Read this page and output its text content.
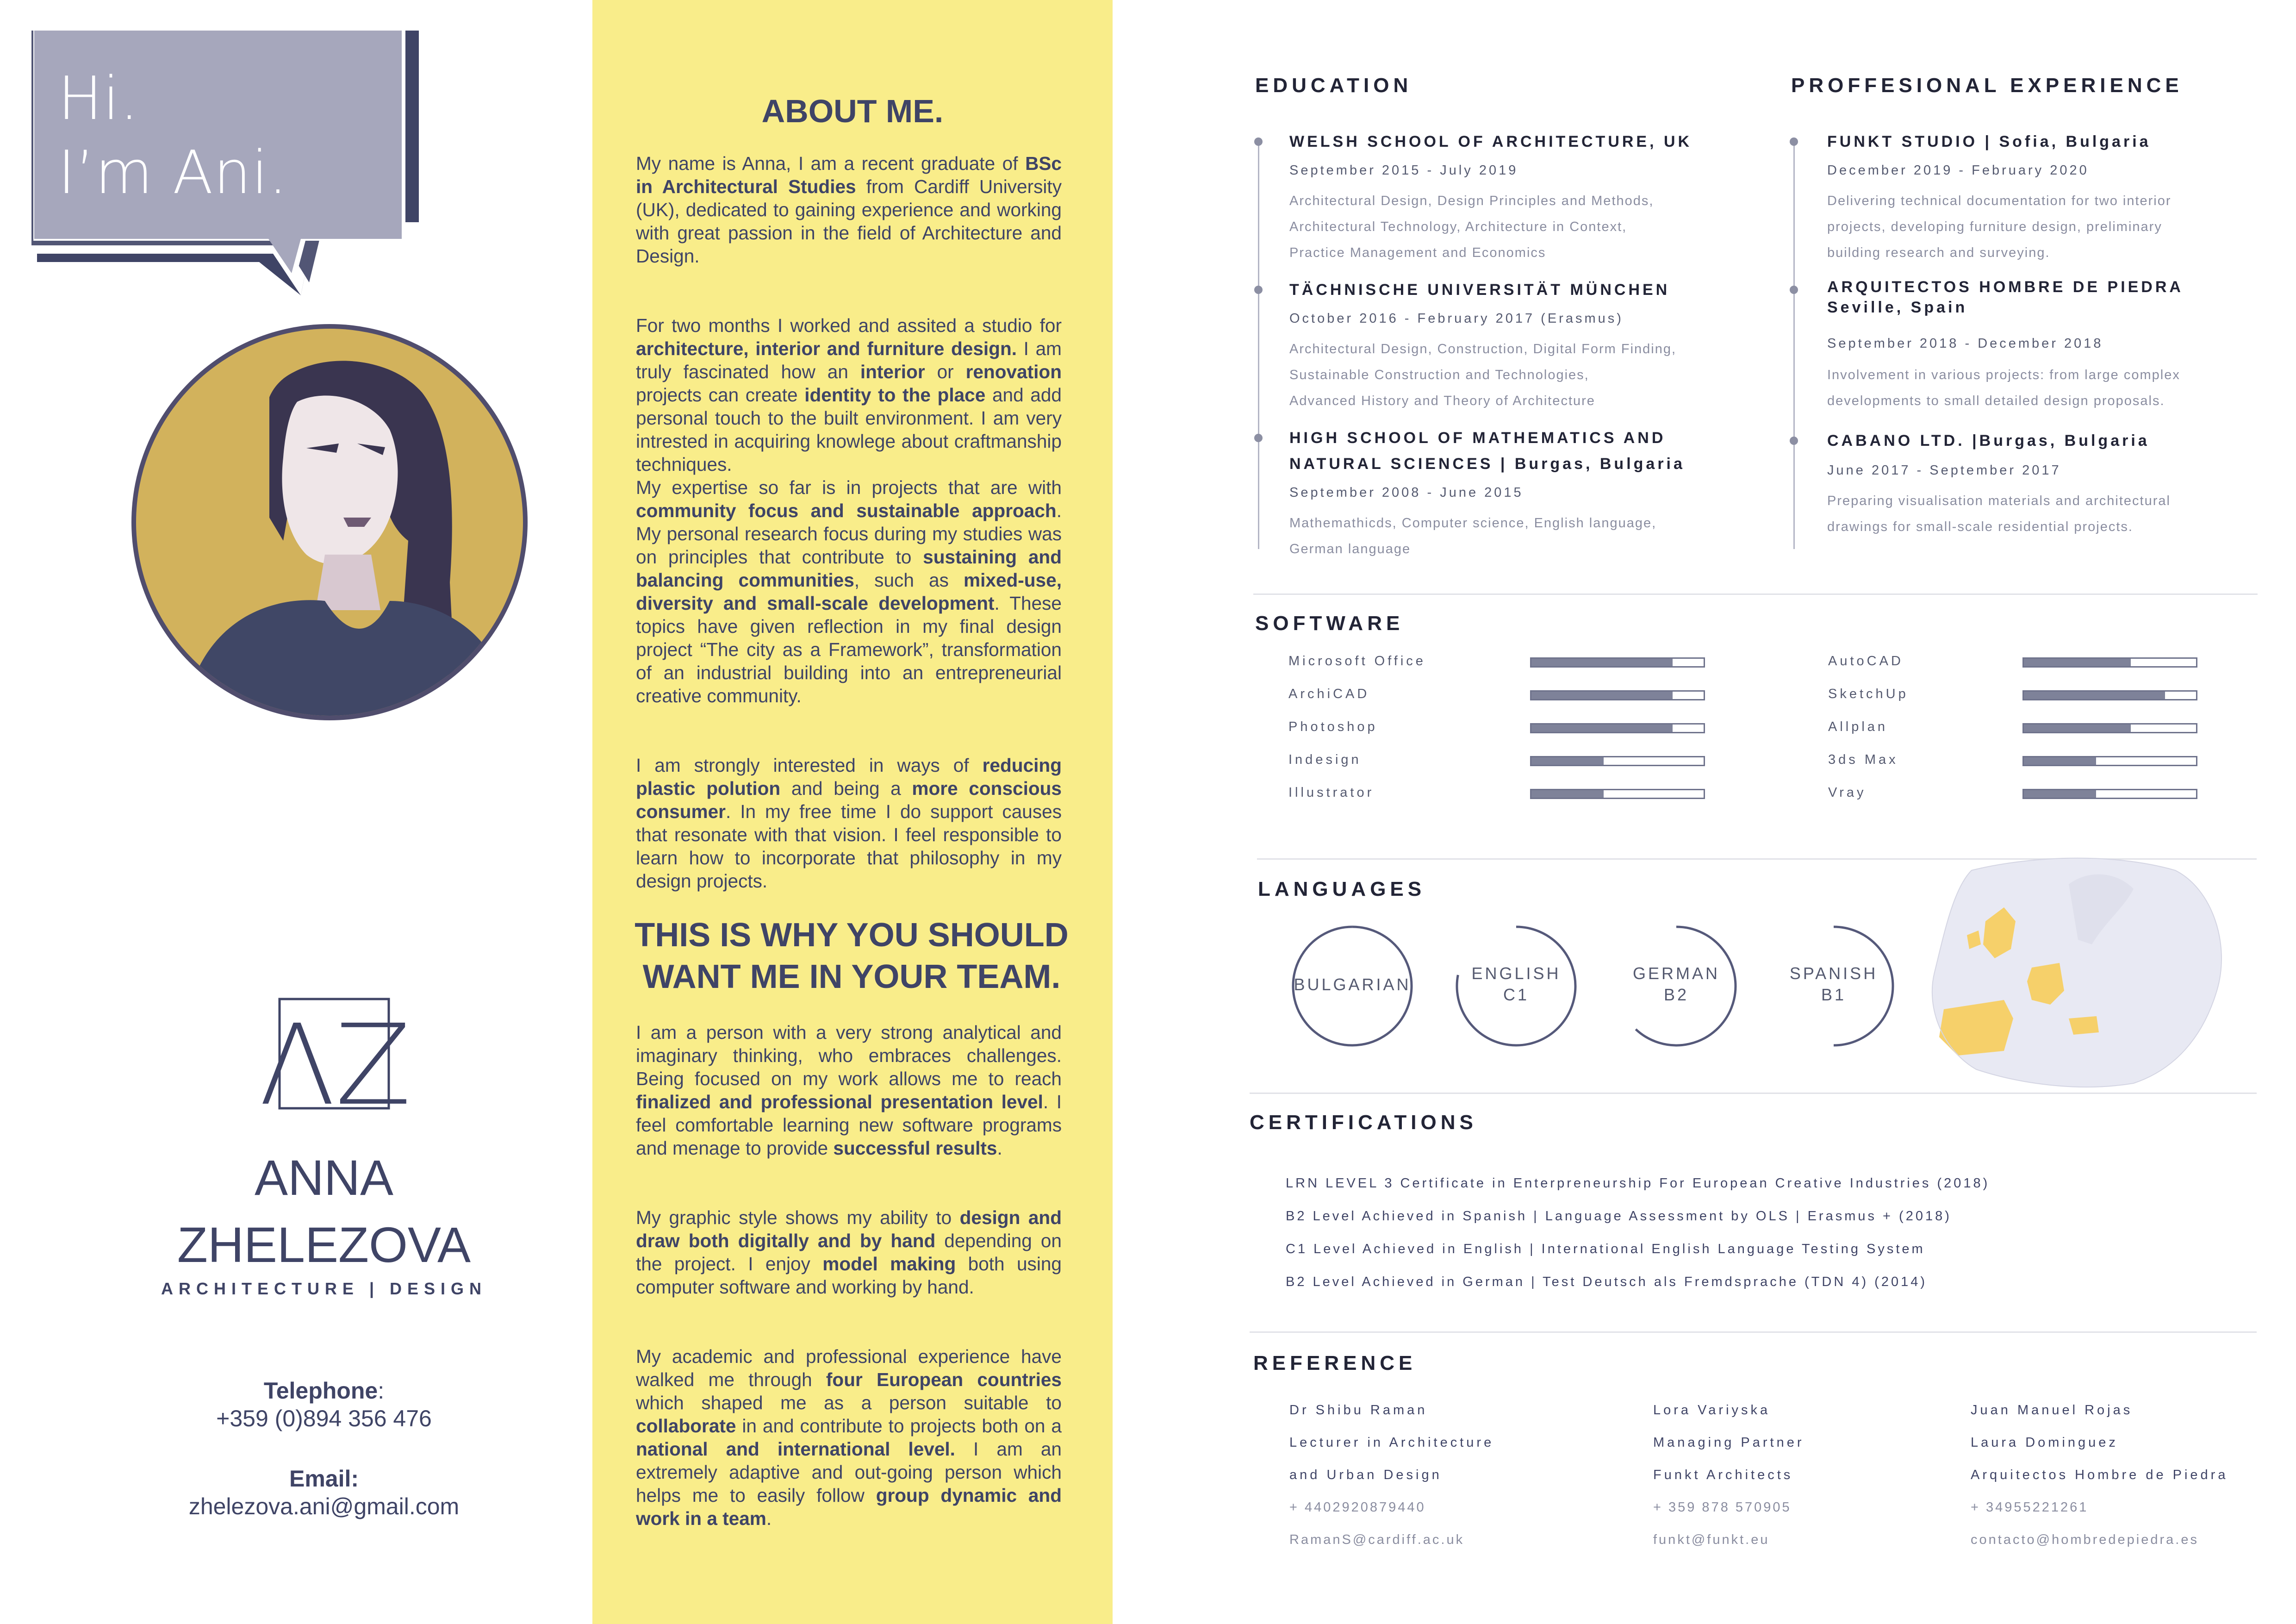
Hi.
I’m Ani.
ΛZ
ANNA
ZHELEZOVA
ARCHITECTURE | DESIGN
Telephone:
+359 (0)894 356 476
Email:
zhelezova.ani@gmail.com
ABOUT ME.
My name is Anna, I am a recent graduate of BSc in Architectural Studies from Cardiff University (UK), dedicated to gaining experience and working with great passion in the field of Architecture and Design.
For two months I worked and assited a studio for architecture, interior and furniture design. I am truly fascinated how an interior or renovation projects can create identity to the place and add personal touch to the built environment. I am very intrested in acquiring knowlege about craftmanship techniques.
My expertise so far is in projects that are with community focus and sustainable approach. My personal research focus during my studies was on principles that contribute to sustaining and balancing communities, such as mixed-use, diversity and small-scale development. These topics have given reflection in my final design project “The city as a Framework”, transformation of an industrial building into an entrepreneurial creative community.
I am strongly interested in ways of reducing plastic polution and being a more conscious consumer. In my free time I do support causes that resonate with that vision. I feel responsible to learn how to incorporate that philosophy in my design projects.
THIS IS WHY YOU SHOULD
WANT ME IN YOUR TEAM.
I am a person with a very strong analytical and imaginary thinking, who embraces challenges. Being focused on my work allows me to reach finalized and professional presentation level. I feel comfortable learning new software programs and menage to provide successful results.
My graphic style shows my ability to design and draw both digitally and by hand depending on the project. I enjoy model making both using computer software and working by hand.
My academic and professional experience have walked me through four European countries which shaped me as a person suitable to collaborate in and contribute to projects both on a national and international level. I am an extremely adaptive and out-going person which helps me to easily follow group dynamic and work in a team.
EDUCATION
WELSH SCHOOL OF ARCHITECTURE, UK
September 2015 - July 2019
Architectural Design, Design Principles and Methods,
Architectural Technology, Architecture in Context,
Practice Management and Economics
TÄCHNISCHE UNIVERSITÄT MÜNCHEN
October 2016 - February 2017 (Erasmus)
Architectural Design, Construction, Digital Form Finding,
Sustainable Construction and Technologies,
Advanced History and Theory of Architecture
HIGH SCHOOL OF MATHEMATICS AND
NATURAL SCIENCES | Burgas, Bulgaria
September 2008 - June 2015
Mathemathicds, Computer science, English language,
German language
PROFFESIONAL EXPERIENCE
FUNKT STUDIO | Sofia, Bulgaria
December 2019 - February 2020
Delivering technical documentation for two interior
projects, developing furniture design, preliminary
building research and surveying.
ARQUITECTOS HOMBRE DE PIEDRA
Seville, Spain
September 2018 - December 2018
Involvement in various projects: from large complex
developments to small detailed design proposals.
CABANO LTD. |Burgas, Bulgaria
June 2017 - September 2017
Preparing visualisation materials and architectural
drawings for small-scale residential projects.
SOFTWARE
Microsoft Office
ArchiCAD
Photoshop
Indesign
Illustrator
AutoCAD
SketchUp
Allplan
3ds Max
Vray
LANGUAGES
BULGARIAN
ENGLISH
C1
GERMAN
B2
SPANISH
B1
CERTIFICATIONS
LRN LEVEL 3 Certificate in Enterpreneurship For European Creative Industries (2018)
B2 Level Achieved in Spanish | Language Assessment by OLS | Erasmus + (2018)
C1 Level Achieved in English | International English Language Testing System
B2 Level Achieved in German | Test Deutsch als Fremdsprache (TDN 4) (2014)
REFERENCE
Dr Shibu Raman
Lecturer in Architecture
and Urban Design
+ 4402920879440
RamanS@cardiff.ac.uk
Lora Variyska
Managing Partner
Funkt Architects
+ 359 878 570905
funkt@funkt.eu
Juan Manuel Rojas
Laura Dominguez
Arquitectos Hombre de Piedra
+ 34955221261
contacto@hombredepiedra.es
